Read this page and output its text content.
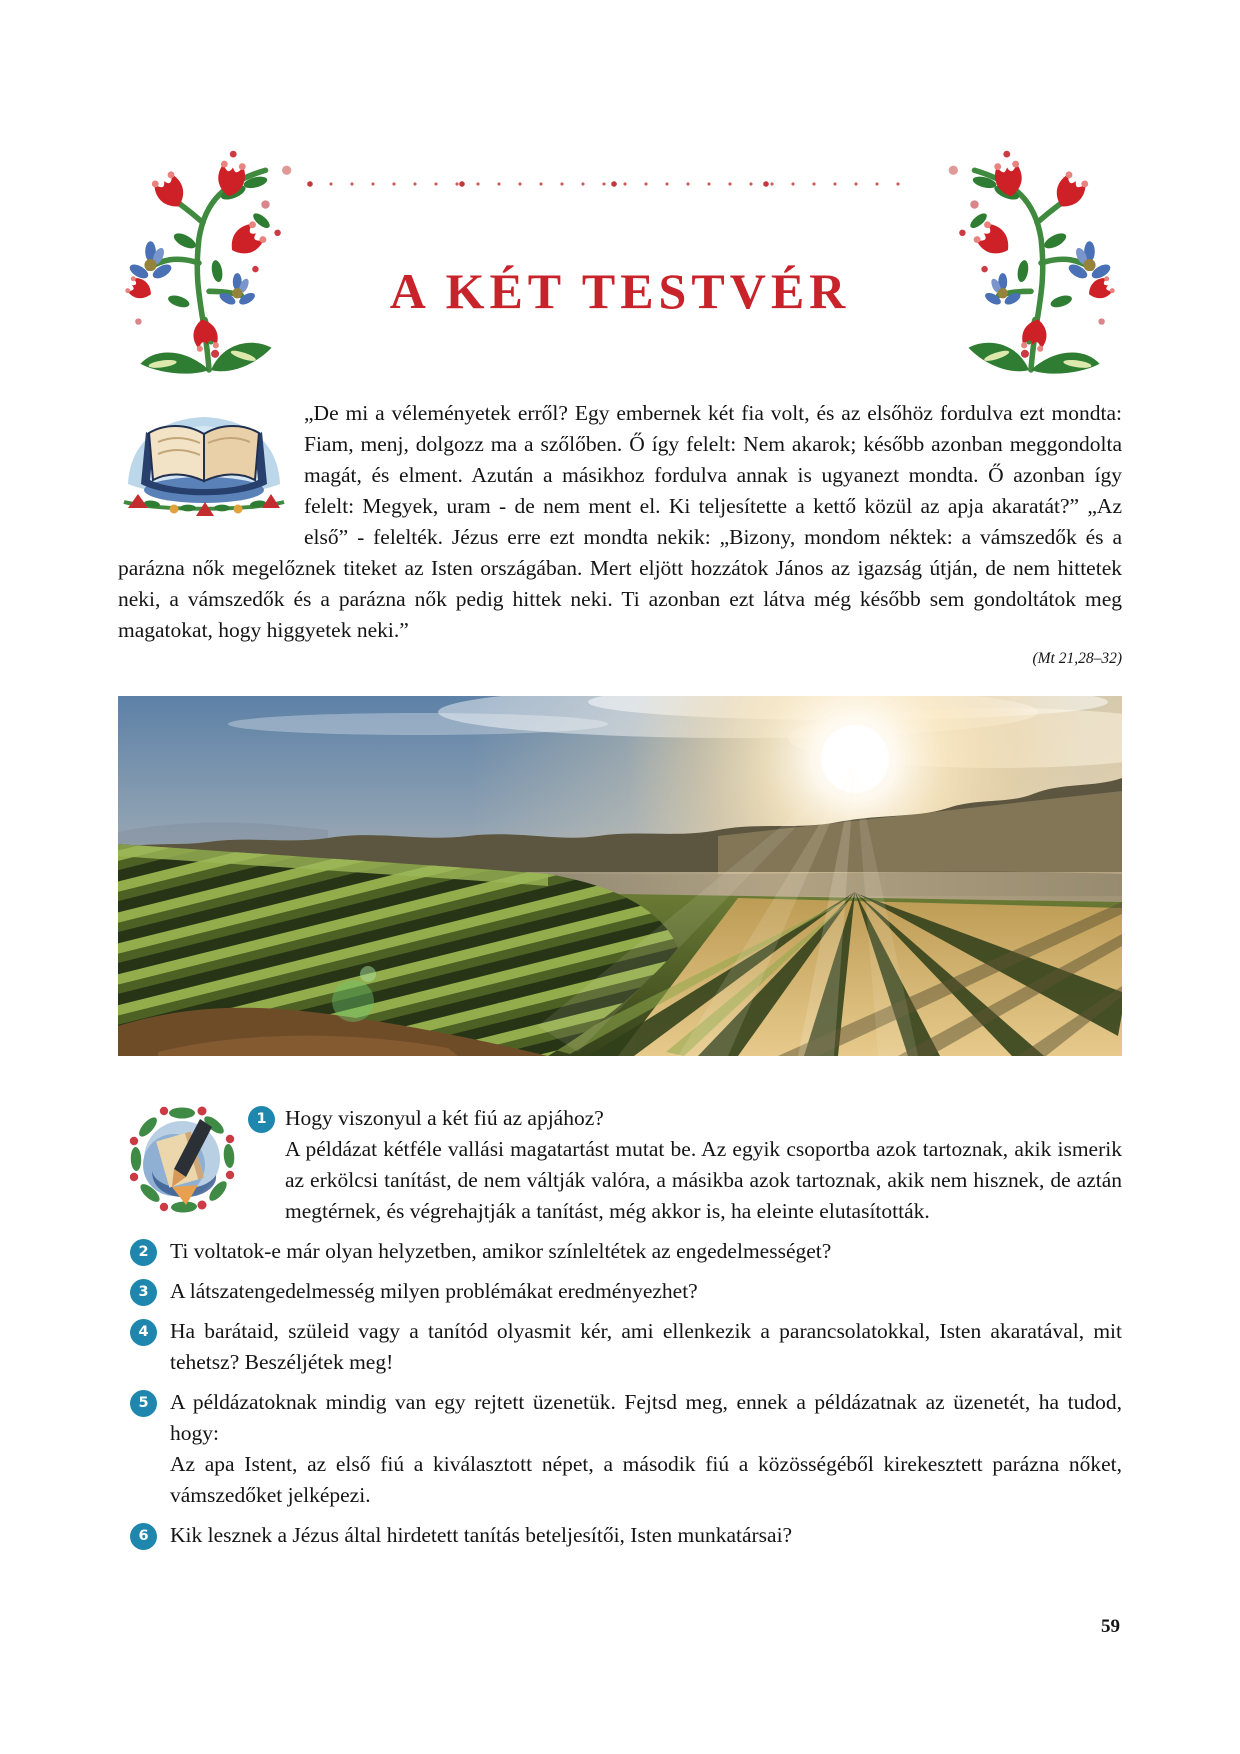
A KÉT TESTVÉR
„De mi a véleményetek erről? Egy embernek két fia volt, és az elsőhöz fordulva ezt mondta: Fiam, menj, dolgozz ma a szőlőben. Ő így felelt: Nem akarok; később azonban meggondolta magát, és elment. Azután a másikhoz fordulva annak is ugyanezt mondta. Ő azonban így felelt: Megyek, uram - de nem ment el. Ki teljesítette a kettő közül az apja akaratát?” „Az első” - felelték. Jézus erre ezt mondta nekik: „Bizony, mondom néktek: a vámszedők és a parázna nők megelőznek titeket az Isten országában. Mert eljött hozzátok János az igazság útján, de nem hittetek neki, a vámszedők és a parázna nők pedig hittek neki. Ti azonban ezt látva még később sem gondoltátok meg magatokat, hogy higgyetek neki.”
(Mt 21,28–32)
1 Hogy viszonyul a két fiú az apjához?
A példázat kétféle vallási magatartást mutat be. Az egyik csoportba azok tartoznak, akik ismerik az erkölcsi tanítást, de nem váltják valóra, a másikba azok tartoznak, akik nem hisznek, de aztán megtérnek, és végrehajtják a tanítást, még akkor is, ha eleinte elutasították.
2 Ti voltatok-e már olyan helyzetben, amikor színleltétek az engedelmességet?
3 A látszatengedelmesség milyen problémákat eredményezhet?
4 Ha barátaid, szüleid vagy a tanítód olyasmit kér, ami ellenkezik a parancsolatokkal, Isten akaratával, mit tehetsz? Beszéljétek meg!
5 A példázatoknak mindig van egy rejtett üzenetük. Fejtsd meg, ennek a példázatnak az üzenetét, ha tudod, hogy:
Az apa Istent, az első fiú a kiválasztott népet, a második fiú a közösségéből kirekesztett parázna nőket, vámszedőket jelképezi.
6 Kik lesznek a Jézus által hirdetett tanítás beteljesítői, Isten munkatársai?
59
